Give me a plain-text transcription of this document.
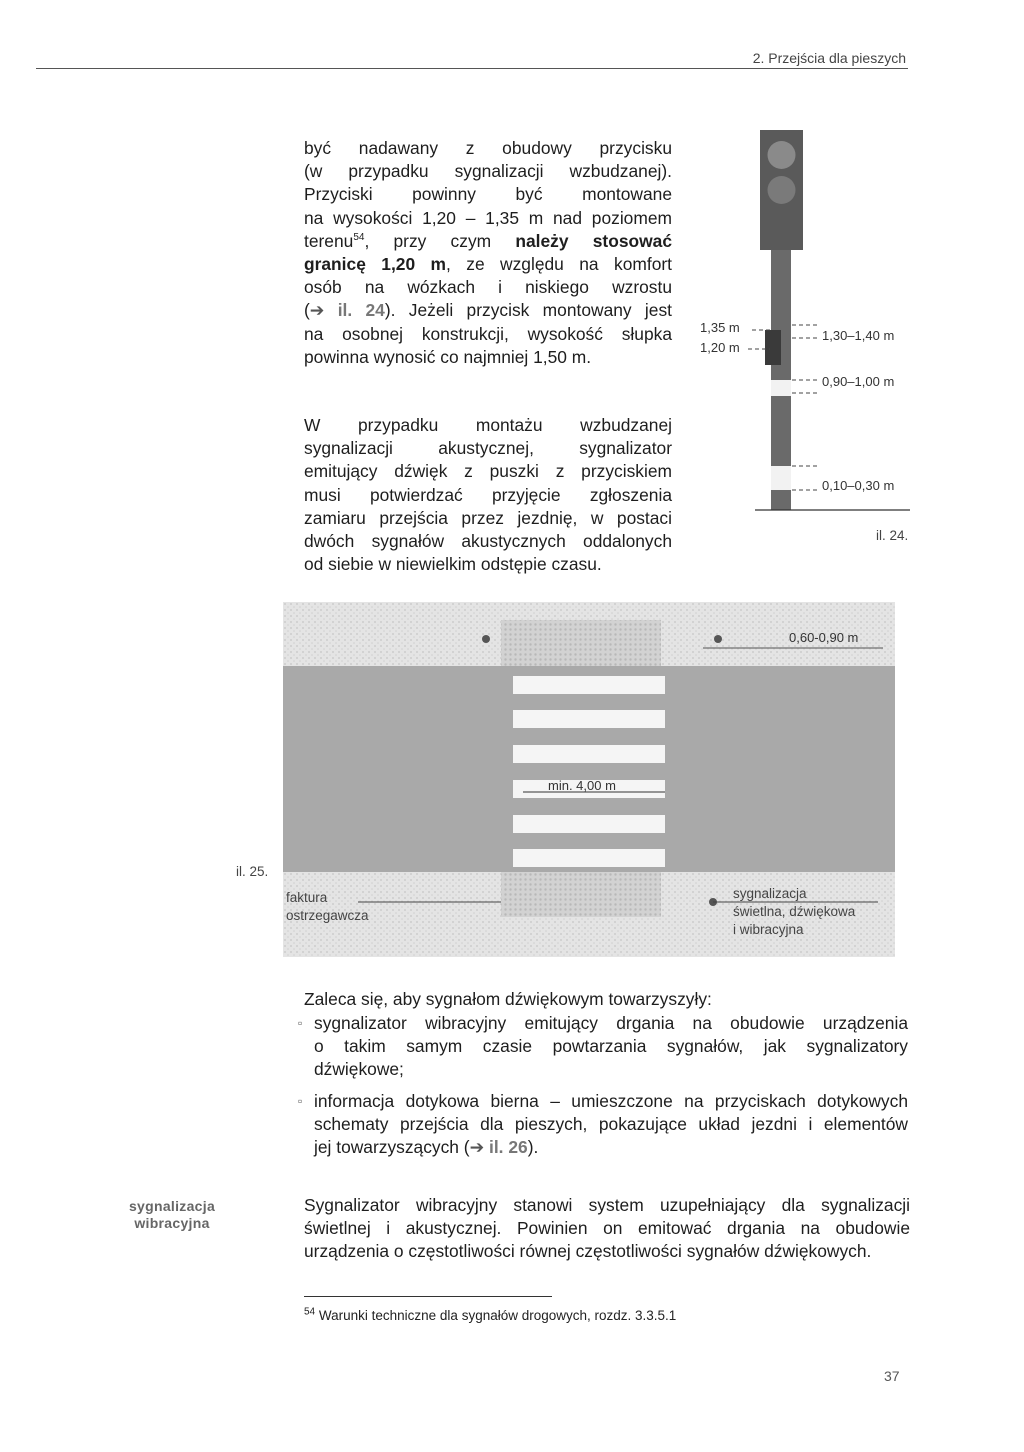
2. Przejścia dla pieszych
być nadawany z obudowy przycisku
(w przypadku sygnalizacji wzbudzanej).
Przyciski powinny być montowane
na wysokości 1,20 – 1,35 m nad poziomem
terenu$^{54}$, przy czym należy stosować
granicę 1,20 m, ze względu na komfort
osób na wózkach i niskiego wzrostu
(➔ il. 24). Jeżeli przycisk montowany jest
na osobnej konstrukcji, wysokość słupka
powinna wynosić co najmniej 1,50 m.
W przypadku montażu wzbudzanej
sygnalizacji akustycznej, sygnalizator
emitujący dźwięk z puszki z przyciskiem
musi potwierdzać przyjęcie zgłoszenia
zamiaru przejścia przez jezdnię, w postaci
dwóch sygnałów akustycznych oddalonych
od siebie w niewielkim odstępie czasu.
1,35 m
1,20 m
1,30–1,40 m
0,90–1,00 m
0,10–0,30 m
il. 24.
0,60-0,90 m
min. 4,00 m
faktura
ostrzegawcza
sygnalizacja
świetlna, dźwiękowa
i wibracyjna
il. 25.
Zaleca się, aby sygnałom dźwiękowym towarzyszyły:
▫ sygnalizator wibracyjny emitujący drgania na obudowie urządzenia
o takim samym czasie powtarzania sygnałów, jak sygnalizatory
dźwiękowe;
▫ informacja dotykowa bierna – umieszczone na przyciskach dotykowych
schematy przejścia dla pieszych, pokazujące układ jezdni i elementów
jej towarzyszących (➔ il. 26).
sygnalizacja
wibracyjna
Sygnalizator wibracyjny stanowi system uzupełniający dla sygnalizacji
świetlnej i akustycznej. Powinien on emitować drgania na obudowie
urządzenia o częstotliwości równej częstotliwości sygnałów dźwiękowych.
$^{54}$ Warunki techniczne dla sygnałów drogowych, rozdz. 3.3.5.1
37
